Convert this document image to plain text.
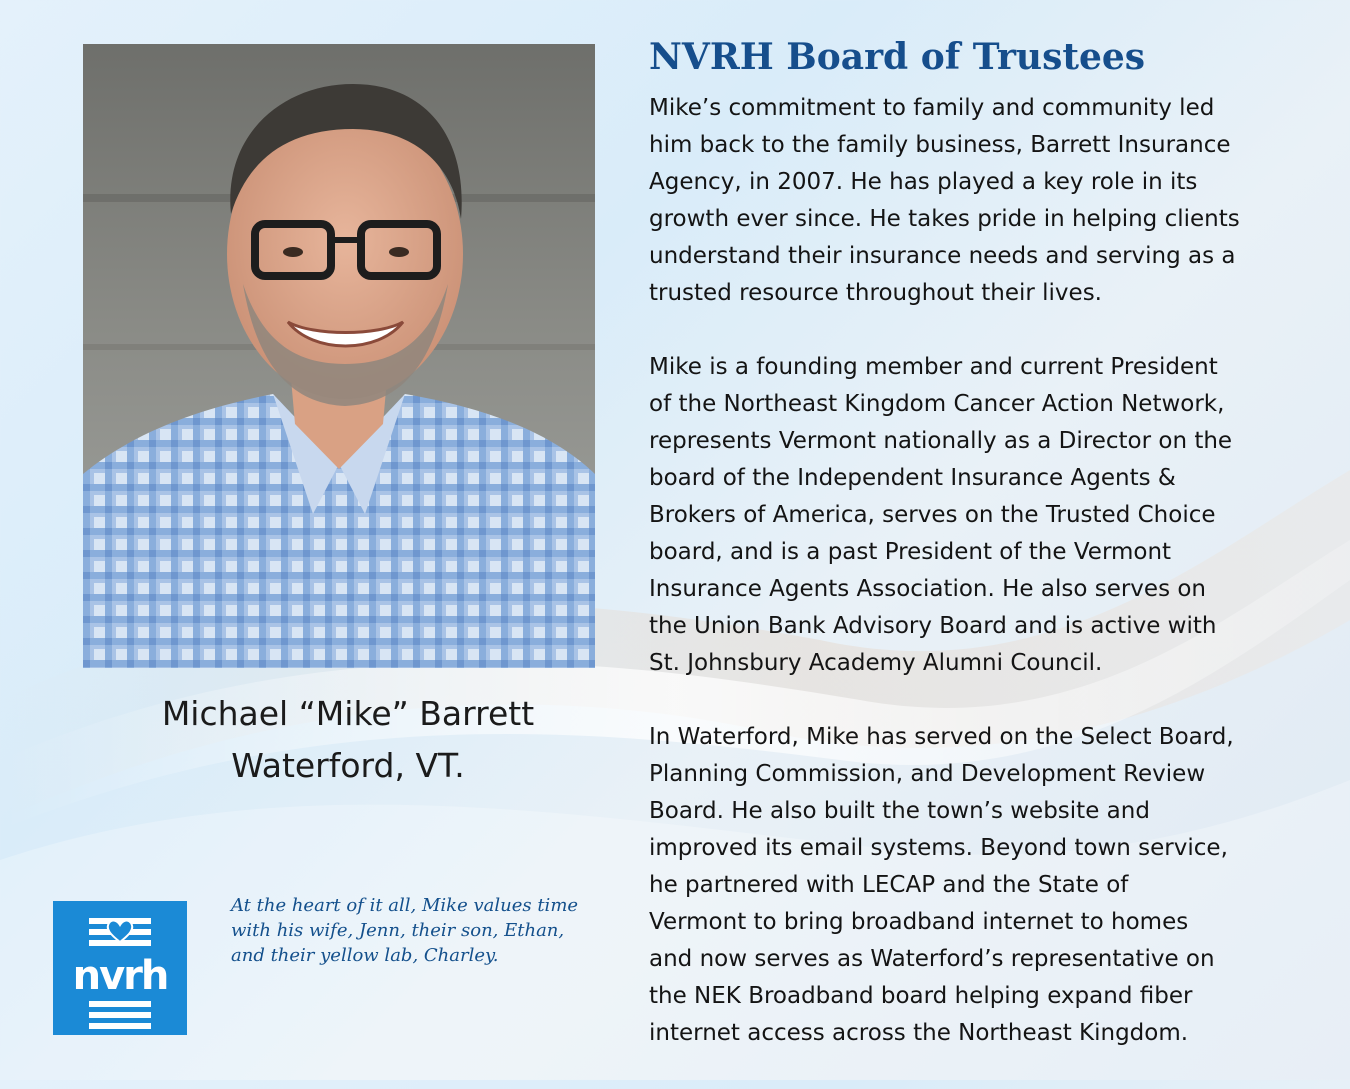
Michael “Mike” Barrett
Waterford, VT.
nvrh
At the heart of it all, Mike values time
with his wife, Jenn, their son, Ethan,
and their yellow lab, Charley.
NVRH Board of Trustees
Mike’s commitment to family and community led
him back to the family business, Barrett Insurance
Agency, in 2007. He has played a key role in its
growth ever since. He takes pride in helping clients
understand their insurance needs and serving as a
trusted resource throughout their lives.
Mike is a founding member and current President
of the Northeast Kingdom Cancer Action Network,
represents Vermont nationally as a Director on the
board of the Independent Insurance Agents &
Brokers of America, serves on the Trusted Choice
board, and is a past President of the Vermont
Insurance Agents Association. He also serves on
the Union Bank Advisory Board and is active with
St. Johnsbury Academy Alumni Council.
In Waterford, Mike has served on the Select Board,
Planning Commission, and Development Review
Board. He also built the town’s website and
improved its email systems. Beyond town service,
he partnered with LECAP and the State of
Vermont to bring broadband internet to homes
and now serves as Waterford’s representative on
the NEK Broadband board helping expand fiber
internet access across the Northeast Kingdom.
